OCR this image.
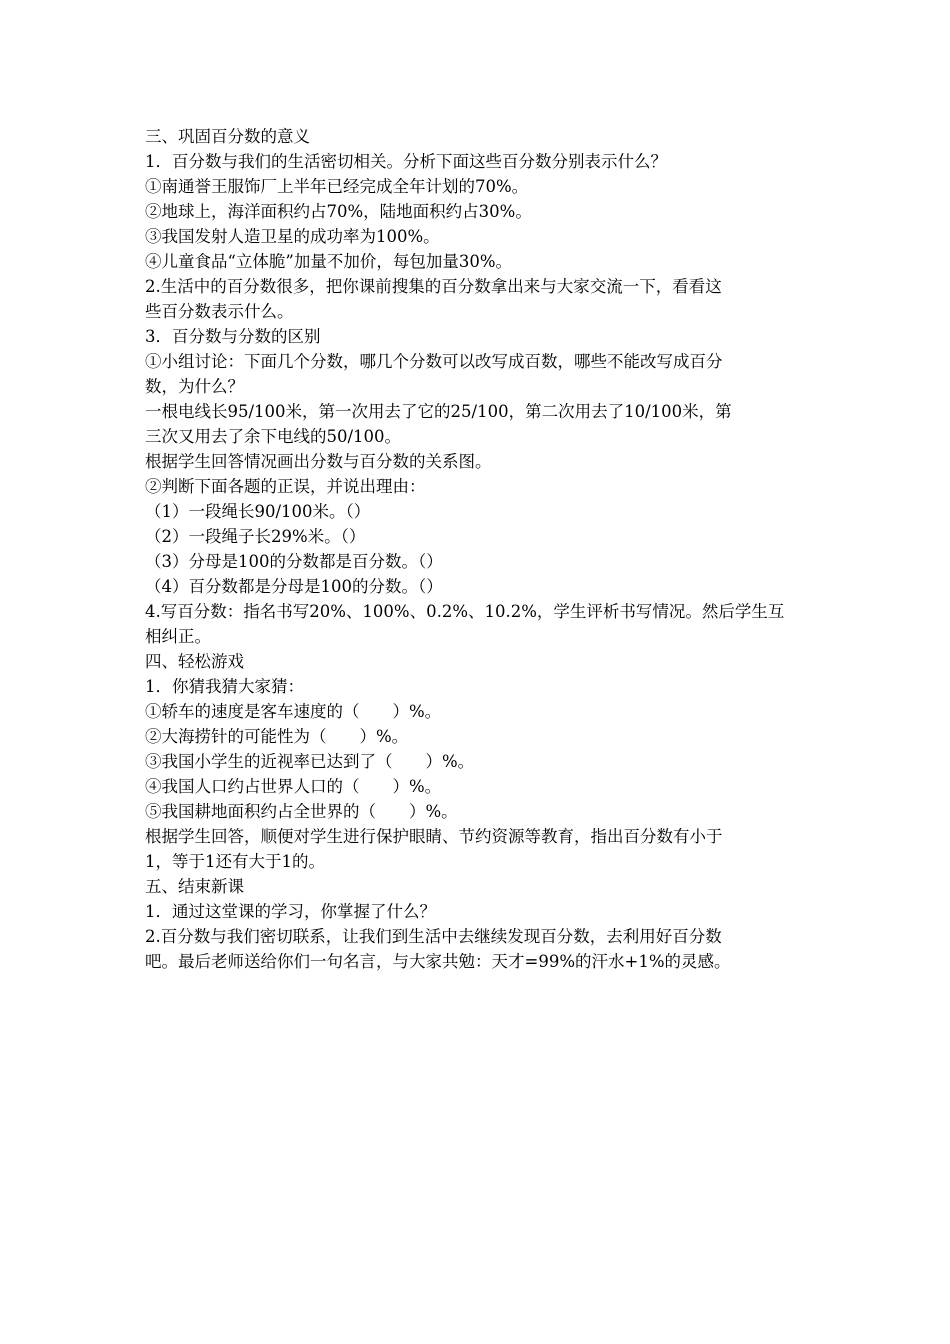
三、巩固百分数的意义

1．百分数与我们的生活密切相关。分析下面这些百分数分别表示什么？

①南通誉王服饰厂上半年已经完成全年计划的70%。

②地球上，海洋面积约占70%，陆地面积约占30%。

③我国发射人造卫星的成功率为100%。

④儿童食品“立体脆”加量不加价，每包加量30%。

2.生活中的百分数很多，把你课前搜集的百分数拿出来与大家交流一下，看看这

些百分数表示什么。

3．百分数与分数的区别

①小组讨论：下面几个分数，哪几个分数可以改写成百数，哪些不能改写成百分

数，为什么？

一根电线长95/100米，第一次用去了它的25/100，第二次用去了10/100米，第

三次又用去了余下电线的50/100。

根据学生回答情况画出分数与百分数的关系图。

②判断下面各题的正误，并说出理由：

（1）一段绳长90/100米。（）

（2）一段绳子长29%米。（）

（3）分母是100的分数都是百分数。（）

（4）百分数都是分母是100的分数。（）

4.写百分数：指名书写20%、100%、0.2%、10.2%，学生评析书写情况。然后学生互

相纠正。

四、轻松游戏

1．你猜我猜大家猜：

①轿车的速度是客车速度的（　　）%。

②大海捞针的可能性为（　　）%。

③我国小学生的近视率已达到了（　　）%。

④我国人口约占世界人口的（　　）%。

⑤我国耕地面积约占全世界的（　　）%。

根据学生回答，顺便对学生进行保护眼睛、节约资源等教育，指出百分数有小于

1，等于1还有大于1的。

五、结束新课

1．通过这堂课的学习，你掌握了什么？

2.百分数与我们密切联系，让我们到生活中去继续发现百分数，去利用好百分数

吧。最后老师送给你们一句名言，与大家共勉：天才=99%的汗水+1%的灵感。
